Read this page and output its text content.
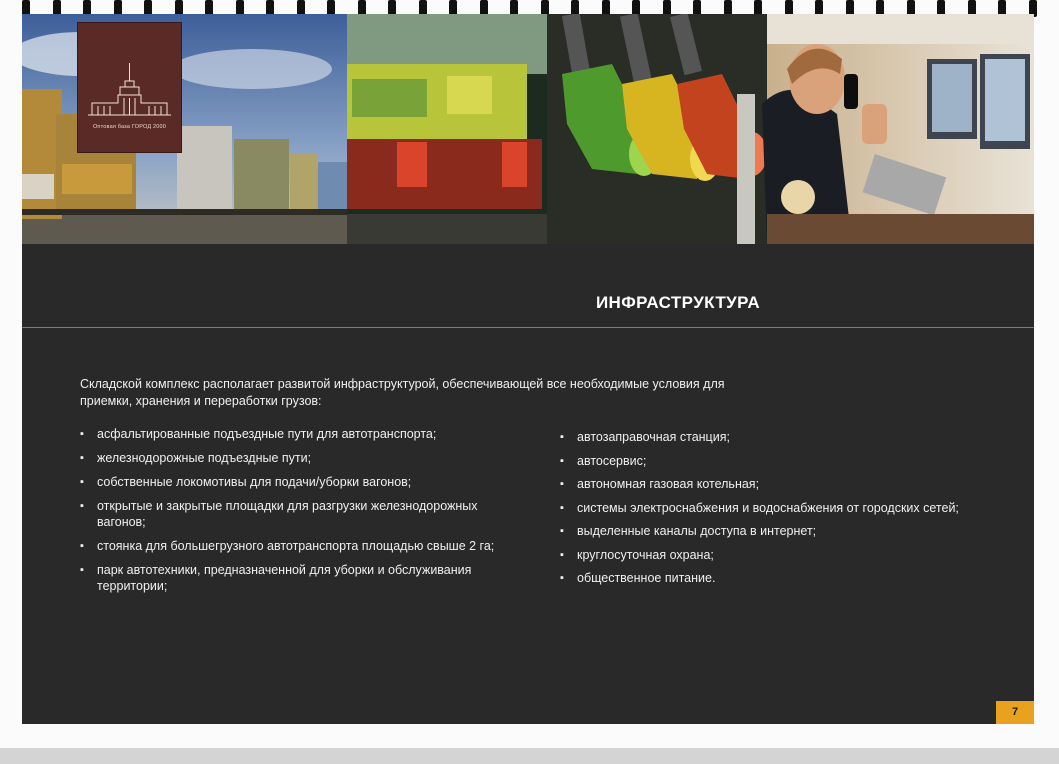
Оптовая база ГОРОД 2000
ИНФРАСТРУКТУРА
Складской комплекс располагает развитой инфраструктурой, обеспечивающей все необходимые условия для приемки, хранения и переработки грузов:
▪ асфальтированные подъездные пути для автотранспорта;
▪ железнодорожные подъездные пути;
▪ собственные локомотивы для подачи/уборки вагонов;
▪ открытые и закрытые площадки для разгрузки железнодорожных вагонов;
▪ стоянка для большегрузного автотранспорта площадью свыше 2 га;
▪ парк автотехники, предназначенной для уборки и обслуживания территории;
▪ автозаправочная станция;
▪ автосервис;
▪ автономная газовая котельная;
▪ системы электроснабжения и водоснабжения от городских сетей;
▪ выделенные каналы доступа в интернет;
▪ круглосуточная охрана;
▪ общественное питание.
7
